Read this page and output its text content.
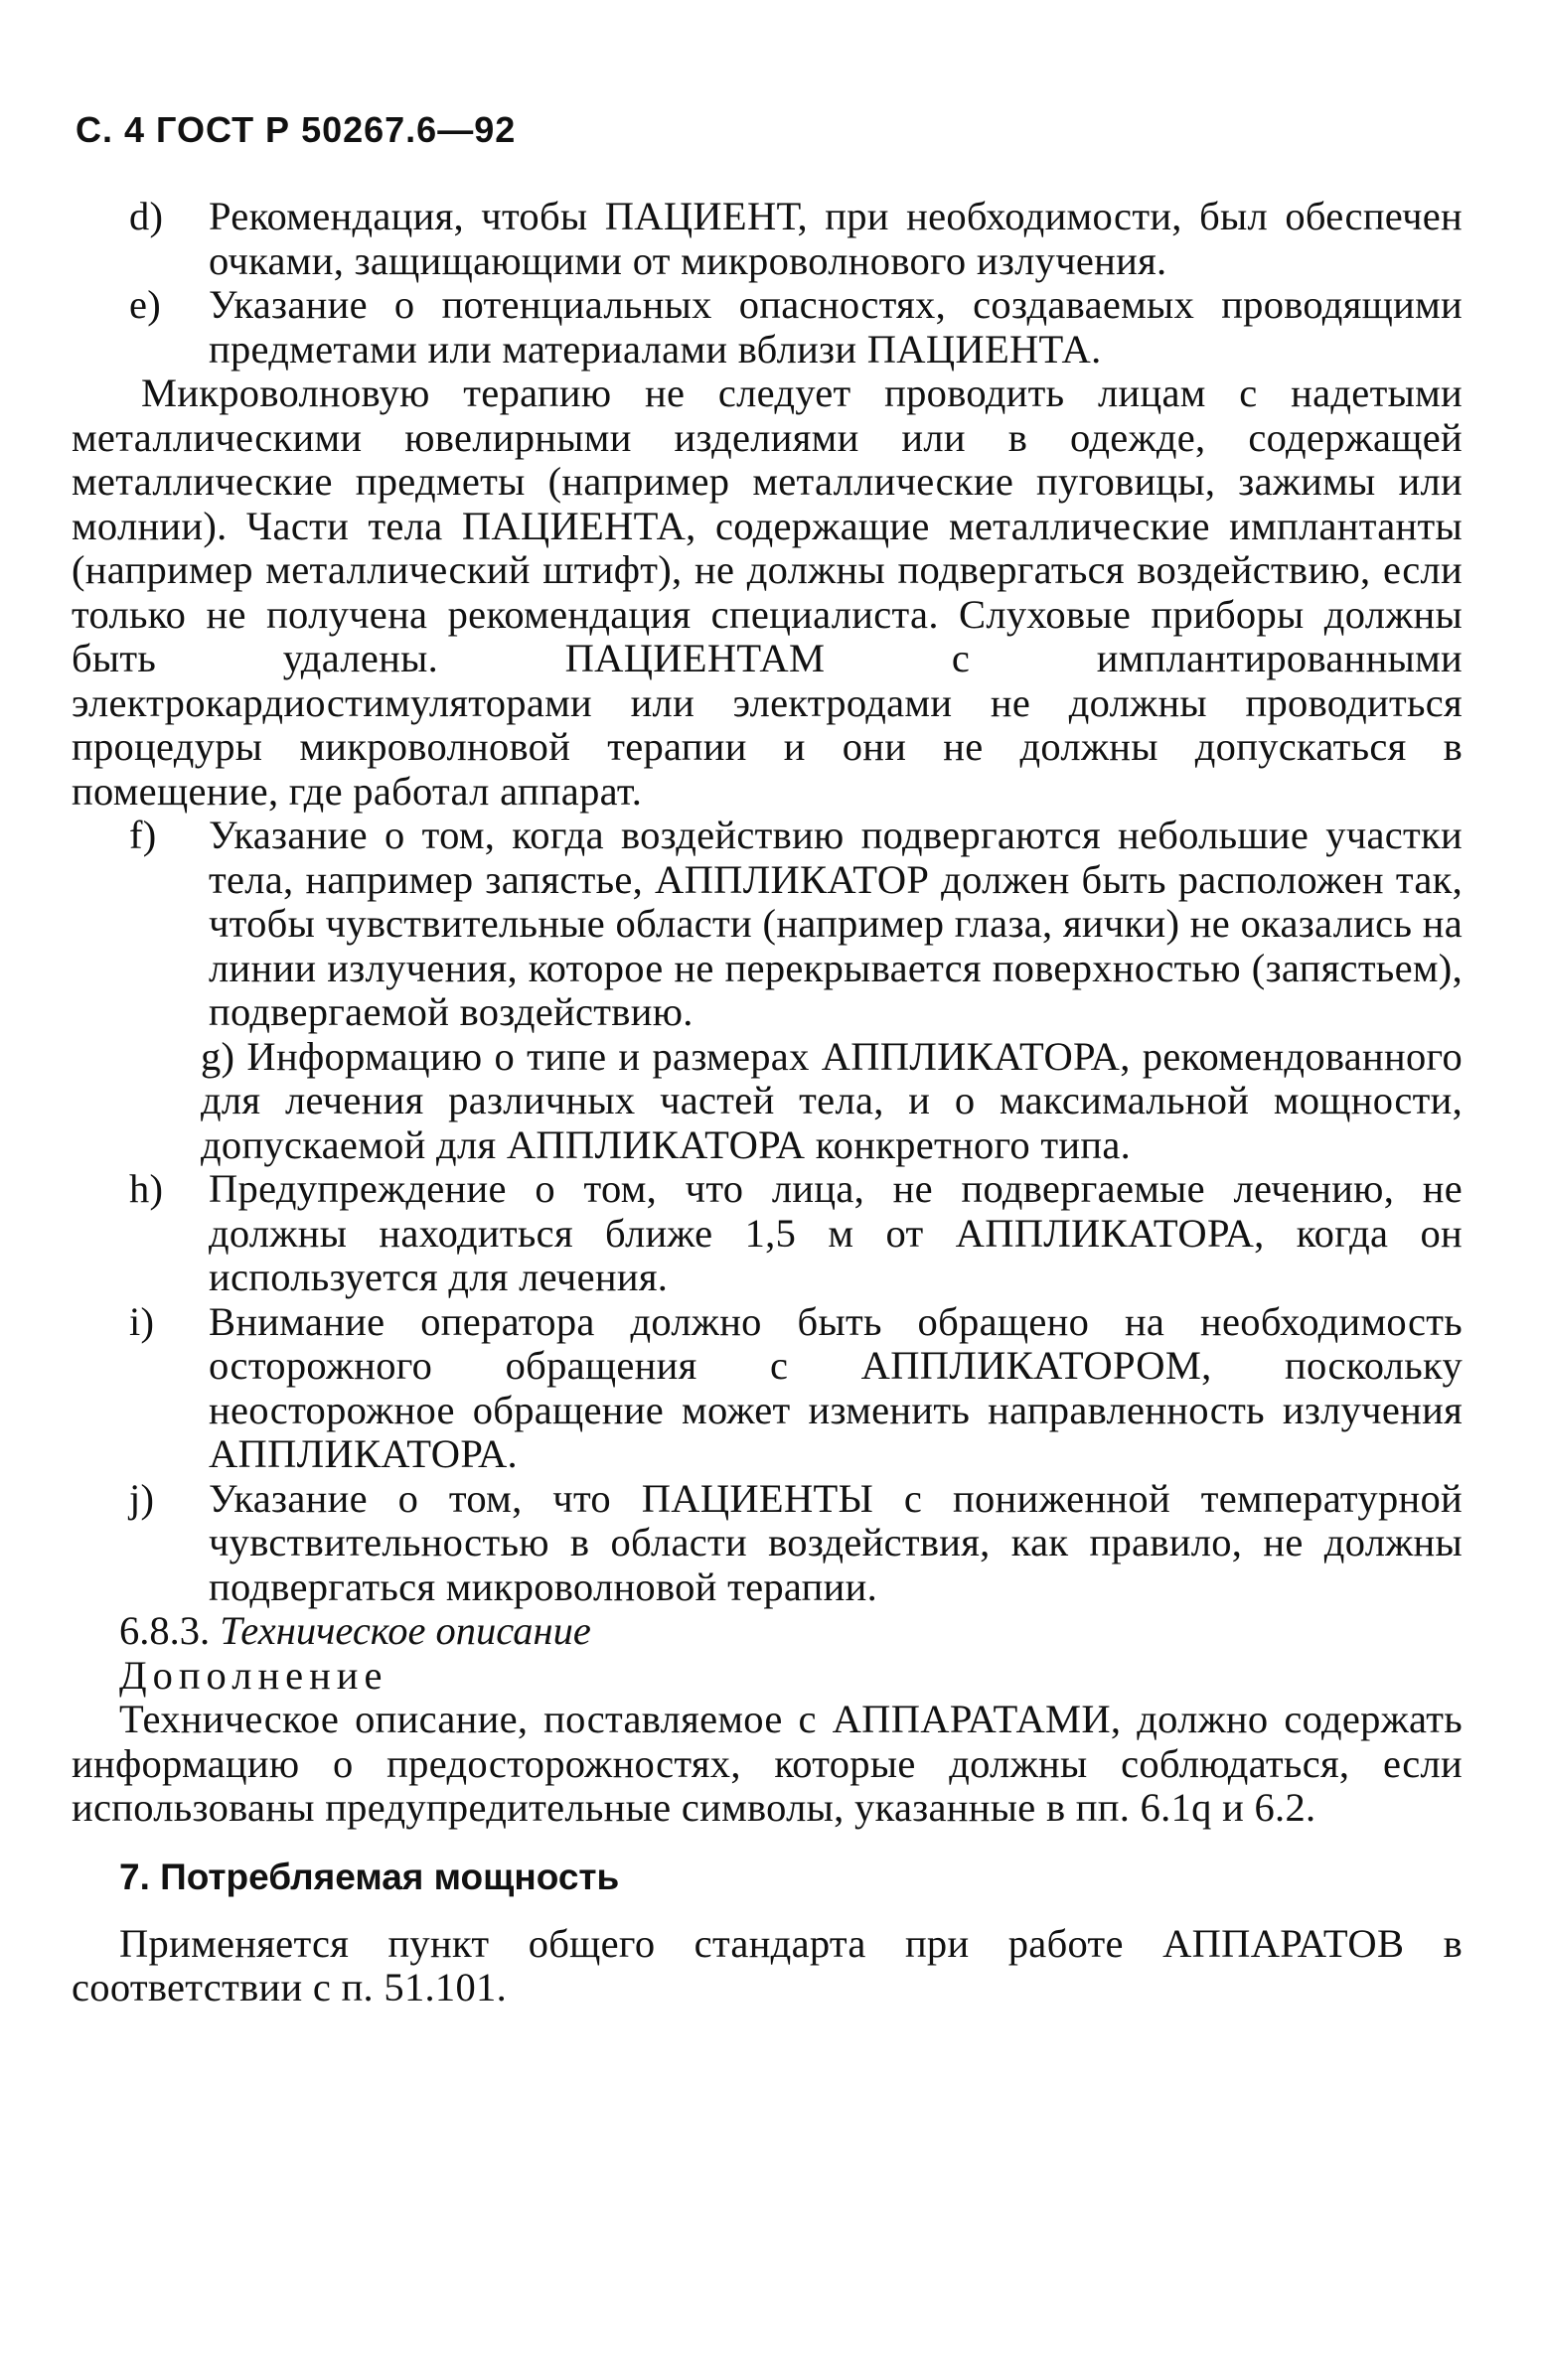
С. 4 ГОСТ Р 50267.6—92
d)	Рекомендация, чтобы ПАЦИЕНТ, при необходимости, был обеспечен очками, защищающими от микроволнового излучения.
e)	Указание о потенциальных опасностях, создаваемых проводящими предметами или материалами вблизи ПАЦИЕНТА.

Микроволновую терапию не следует проводить лицам с надетыми металлическими ювелирными изделиями или в одежде, содержащей металлические предметы (например металлические пуговицы, зажимы или молнии). Части тела ПАЦИЕНТА, содержащие металлические имплантанты (например металлический штифт), не должны подвергаться воздействию, если только не получена рекомендация специалиста. Слуховые приборы должны быть удалены. ПАЦИЕНТАМ с имплантированными электрокардиостимуляторами или электродами не должны проводиться процедуры микроволновой терапии и они не должны допускаться в помещение, где работал аппарат.

f)	Указание о том, когда воздействию подвергаются небольшие участки тела, например запястье, АППЛИКАТОР должен быть расположен так, чтобы чувствительные области (например глаза, яички) не оказались на линии излучения, которое не перекрывается поверхностью (запястьем), подвергаемой воздействию.

g) Информацию о типе и размерах АППЛИКАТОРА, рекомендованного для лечения различных частей тела, и о максимальной мощности, допускаемой для АППЛИКАТОРА конкретного типа.

h)	Предупреждение о том, что лица, не подвергаемые лечению, не должны находиться ближе 1,5 м от АППЛИКАТОРА, когда он используется для лечения.
i)	Внимание оператора должно быть обращено на необходимость осторожного обращения с АППЛИКАТОРОМ, поскольку неосторожное обращение может изменить направленность излучения АППЛИКАТОРА.
j)	Указание о том, что ПАЦИЕНТЫ с пониженной температурной чувствительностью в области воздействия, как правило, не должны подвергаться микроволновой терапии.

6.8.3. Техническое описание

Дополнение

Техническое описание, поставляемое с АППАРАТАМИ, должно содержать информацию о предосторожностях, которые должны соблюдаться, если использованы предупредительные символы, указанные в пп. 6.1q и 6.2.

7. Потребляемая мощность

Применяется пункт общего стандарта при работе АППАРАТОВ в соответствии с п. 51.101.
